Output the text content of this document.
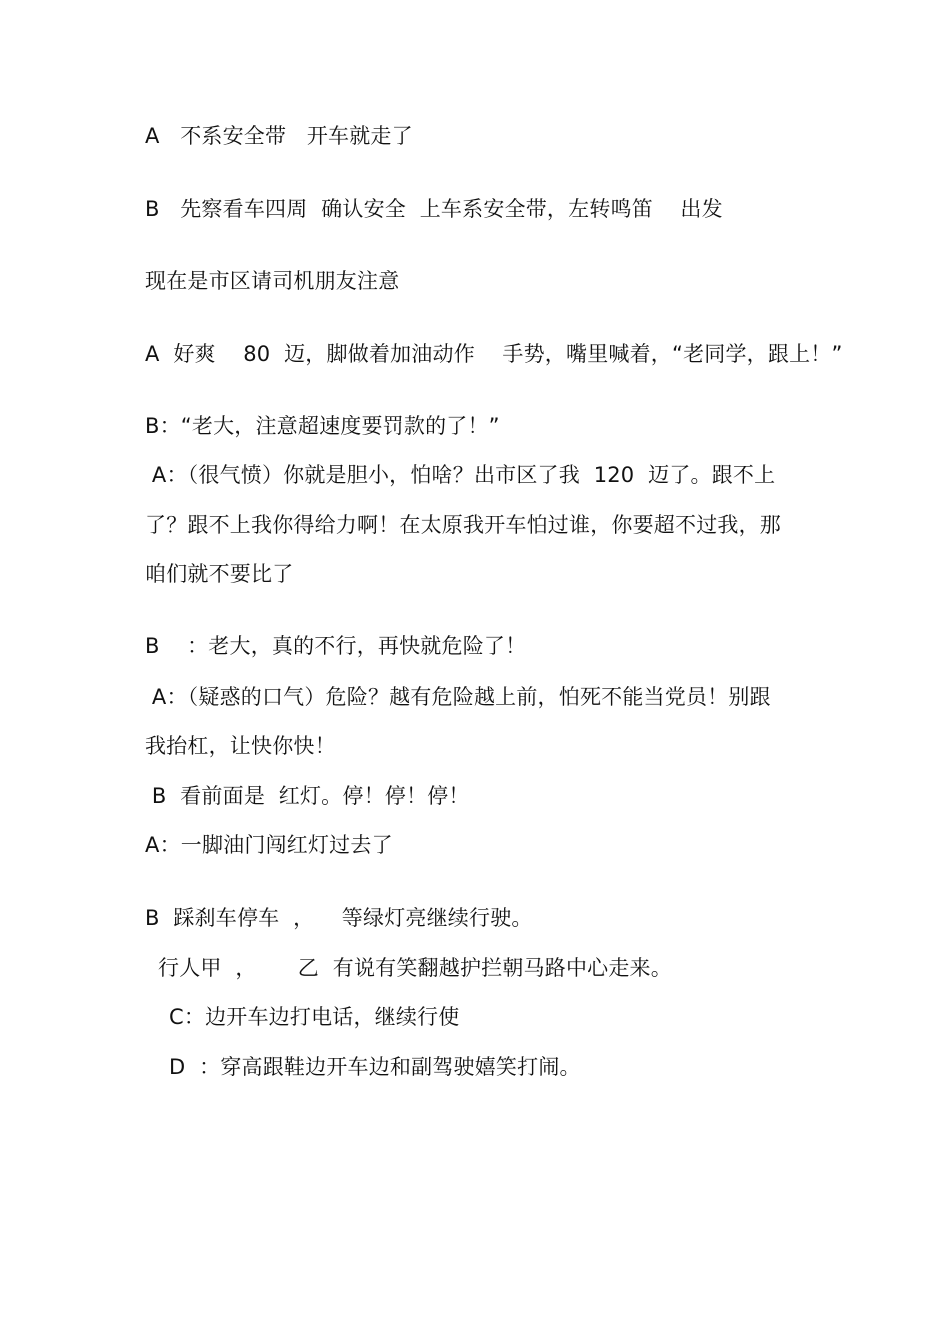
A   不系安全带   开车就走了
B   先察看车四周  确认安全  上车系安全带，左转鸣笛    出发
现在是市区请司机朋友注意
A  好爽    80  迈，脚做着加油动作    手势，嘴里喊着，“老同学，跟上！”
B：“老大，注意超速度要罚款的了！”
A：（很气愤）你就是胆小，怕啥？出市区了我  120  迈了。跟不上
了？跟不上我你得给力啊！在太原我开车怕过谁，你要超不过我，那
咱们就不要比了
B    ：老大，真的不行，再快就危险了！
A：（疑惑的口气）危险？越有危险越上前，怕死不能当党员！别跟
我抬杠，让快你快！
B  看前面是  红灯。停！停！停！
A：一脚油门闯红灯过去了
B  踩刹车停车  ，    等绿灯亮继续行驶。
行人甲  ，      乙  有说有笑翻越护拦朝马路中心走来。
C：边开车边打电话，继续行使
D  ：穿高跟鞋边开车边和副驾驶嬉笑打闹。
